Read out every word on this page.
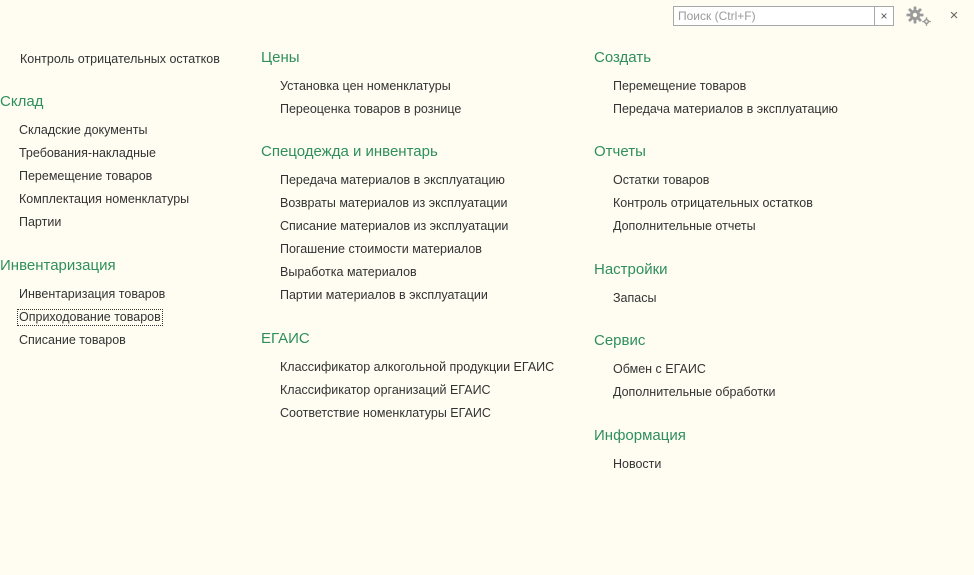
Поиск (Ctrl+F)
×	×
Контроль отрицательных остатков
Склад
Складские документы
Требования-накладные
Перемещение товаров
Комплектация номенклатуры
Партии
Инвентаризация
Инвентаризация товаров
Оприходование товаров
Списание товаров
Цены
Установка цен номенклатуры
Переоценка товаров в рознице
Спецодежда и инвентарь
Передача материалов в эксплуатацию
Возвраты материалов из эксплуатации
Списание материалов из эксплуатации
Погашение стоимости материалов
Выработка материалов
Партии материалов в эксплуатации
ЕГАИС
Классификатор алкогольной продукции ЕГАИС
Классификатор организаций ЕГАИС
Соответствие номенклатуры ЕГАИС
Создать
Перемещение товаров
Передача материалов в эксплуатацию
Отчеты
Остатки товаров
Контроль отрицательных остатков
Дополнительные отчеты
Настройки
Запасы
Сервис
Обмен с ЕГАИС
Дополнительные обработки
Информация
Новости
